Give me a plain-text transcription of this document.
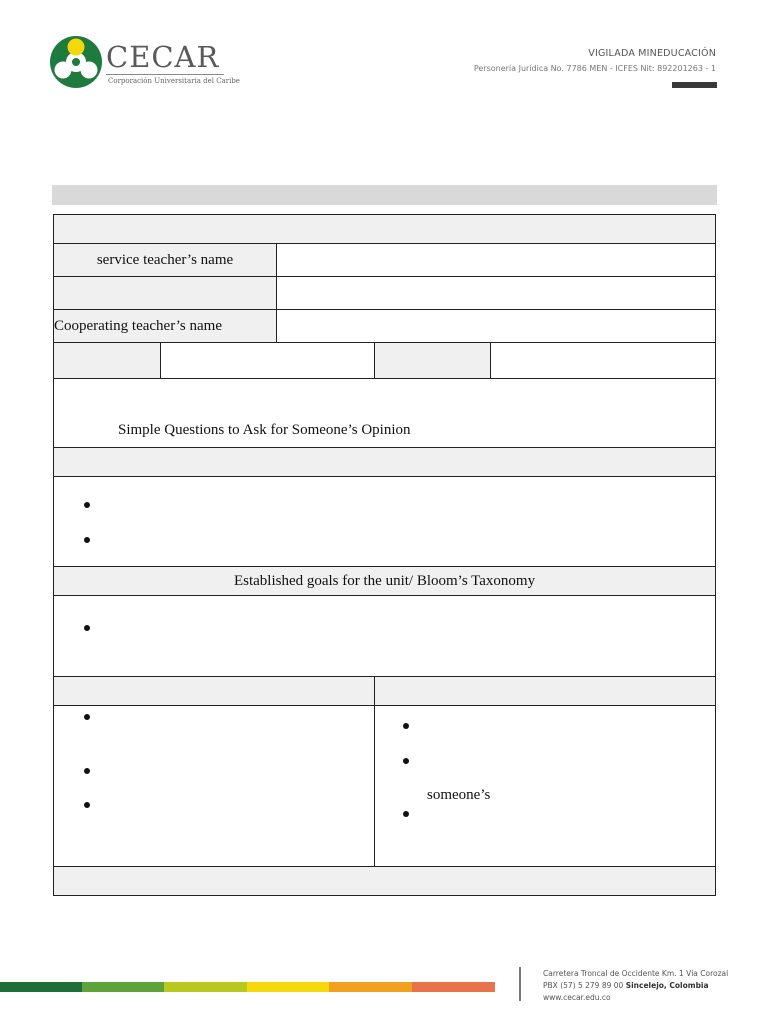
CECAR
Corporación Universitaria del Caribe
VIGILADA MINEDUCACIÓN
Personería Jurídica No. 7786 MEN - ICFES Nit: 892201263 - 1

service teacher’s name				

Cooperating teacher’s name				

Simple Questions to Ask for Someone’s Opinion				

Established goals for the unit/ Bloom’s Taxonomy				

			someone’s	

Carretera Troncal de Occidente Km. 1 Vía Corozal
PBX (57) 5 279 89 00 Sincelejo, Colombia
www.cecar.edu.co
